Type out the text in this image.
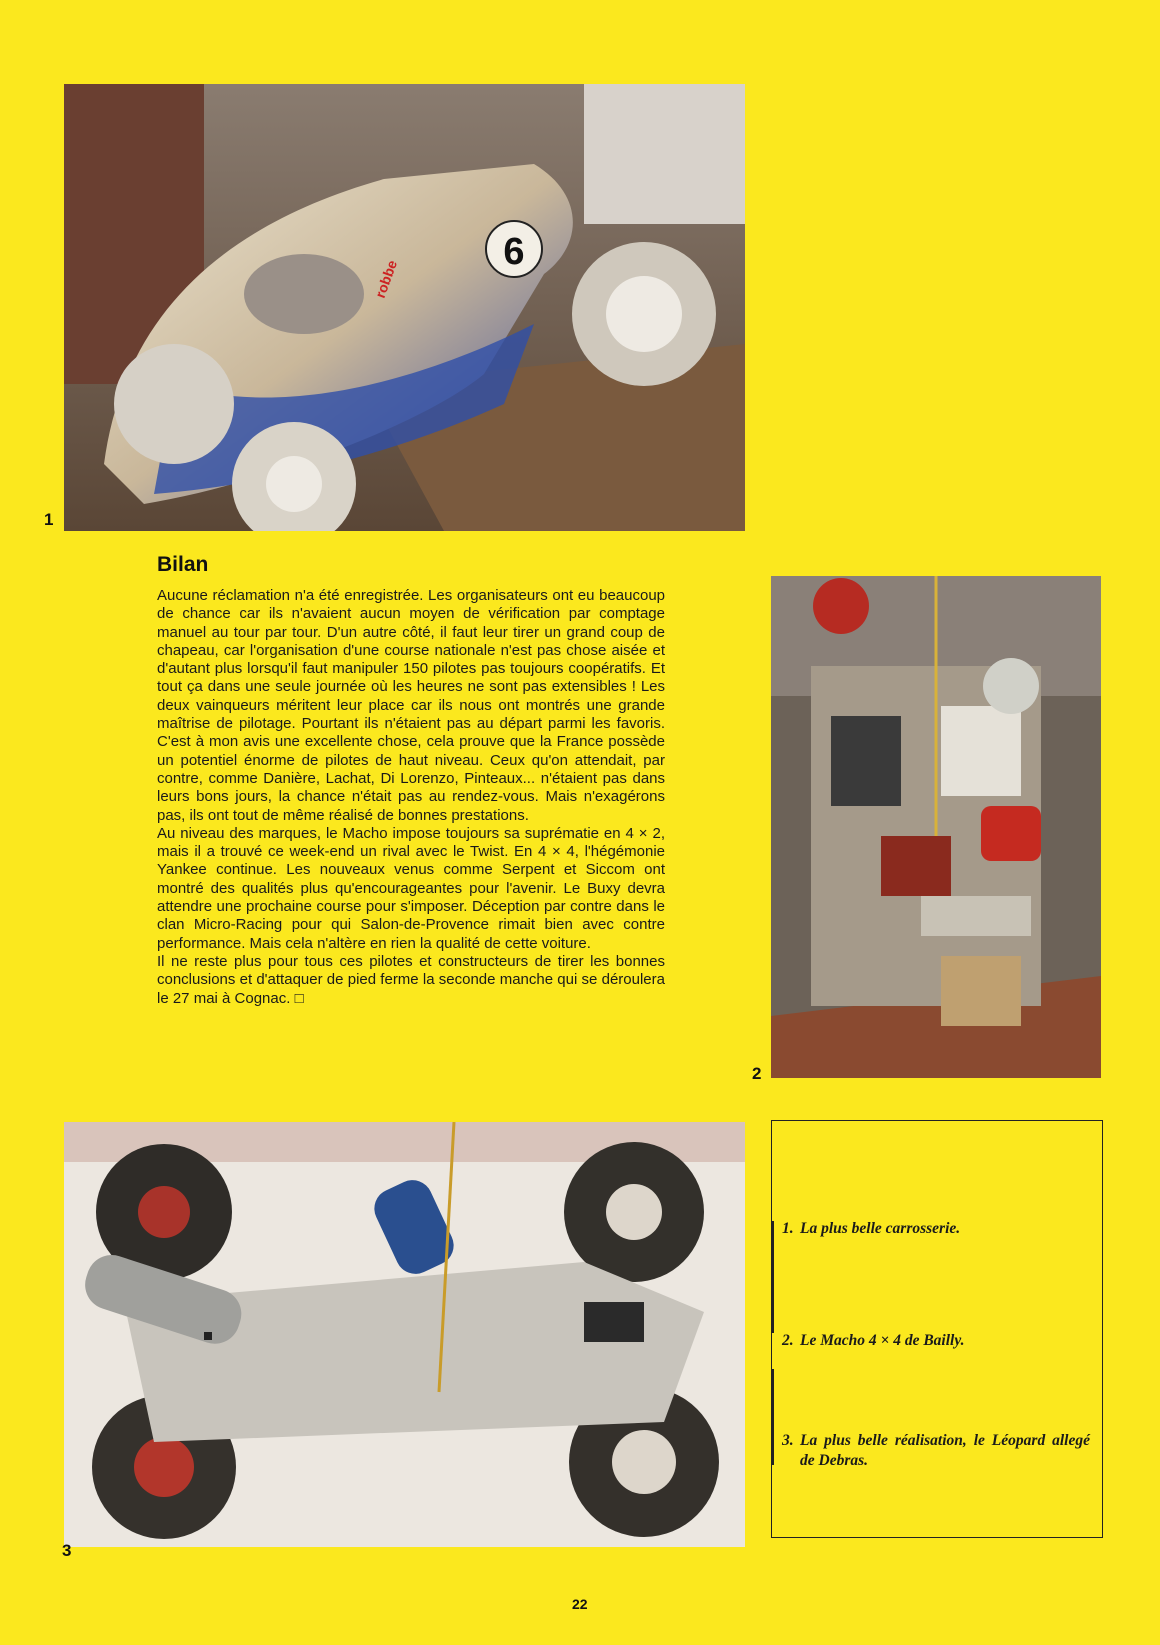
6
robbe
1
Bilan

Aucune réclamation n'a été enregistrée. Les organisateurs ont eu beaucoup de chance car ils n'avaient aucun moyen de vérification par comptage manuel au tour par tour. D'un autre côté, il faut leur tirer un grand coup de chapeau, car l'organisation d'une course nationale n'est pas chose aisée et d'autant plus lorsqu'il faut manipuler 150 pilotes pas toujours coopératifs. Et tout ça dans une seule journée où les heures ne sont pas extensibles ! Les deux vainqueurs méritent leur place car ils nous ont montrés une grande maîtrise de pilotage. Pourtant ils n'étaient pas au départ parmi les favoris. C'est à mon avis une excellente chose, cela prouve que la France possède un potentiel énorme de pilotes de haut niveau. Ceux qu'on attendait, par contre, comme Danière, Lachat, Di Lorenzo, Pinteaux... n'étaient pas dans leurs bons jours, la chance n'était pas au rendez-vous. Mais n'exagérons pas, ils ont tout de même réalisé de bonnes prestations.

Au niveau des marques, le Macho impose toujours sa suprématie en 4 × 2, mais il a trouvé ce week-end un rival avec le Twist. En 4 × 4, l'hégémonie Yankee continue. Les nouveaux venus comme Serpent et Siccom ont montré des qualités plus qu'encourageantes pour l'avenir. Le Buxy devra attendre une prochaine course pour s'imposer. Déception par contre dans le clan Micro-Racing pour qui Salon-de-Provence rimait bien avec contre performance. Mais cela n'altère en rien la qualité de cette voiture.

Il ne reste plus pour tous ces pilotes et constructeurs de tirer les bonnes conclusions et d'attaquer de pied ferme la seconde manche qui se déroulera le 27 mai à Cognac. □

2
3
1. La plus belle carrosserie.
2. Le Macho 4 × 4 de Bailly.
3. La plus belle réalisation, le Léopard allegé de Debras.
22
